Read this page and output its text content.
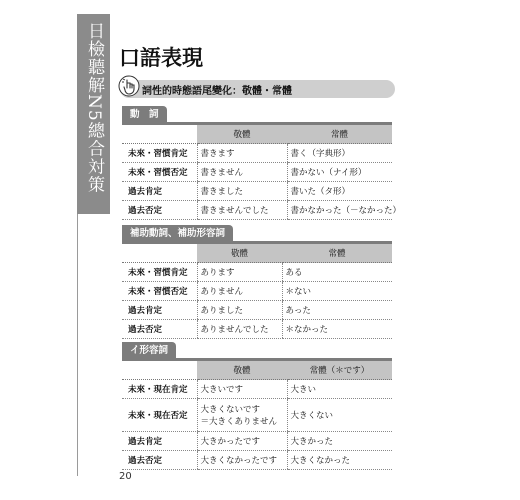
日檢聽解N5總合対策 口語表現
詞性的時態語尾變化：敬體・常體
動　詞
	敬體	常體
未來・習慣肯定	書きます	書く（字典形）
未來・習慣否定	書きません	書かない（ナイ形）
過去肯定	書きました	書いた（タ形）
過去否定	書きませんでした	書かなかった（－なかった）
補助動詞、補助形容詞
	敬體	常體
未來・習慣肯定	あります	ある
未來・習慣否定	ありません	＊ない
過去肯定	ありました	あった
過去否定	ありませんでした	＊なかった
イ形容詞
	敬體	常體（＊です）
未來・現在肯定	大きいです	大きい
未來・現在否定	大きくないです
＝大きくありません	大きくない
過去肯定	大きかったです	大きかった
過去否定	大きくなかったです	大きくなかった
20
